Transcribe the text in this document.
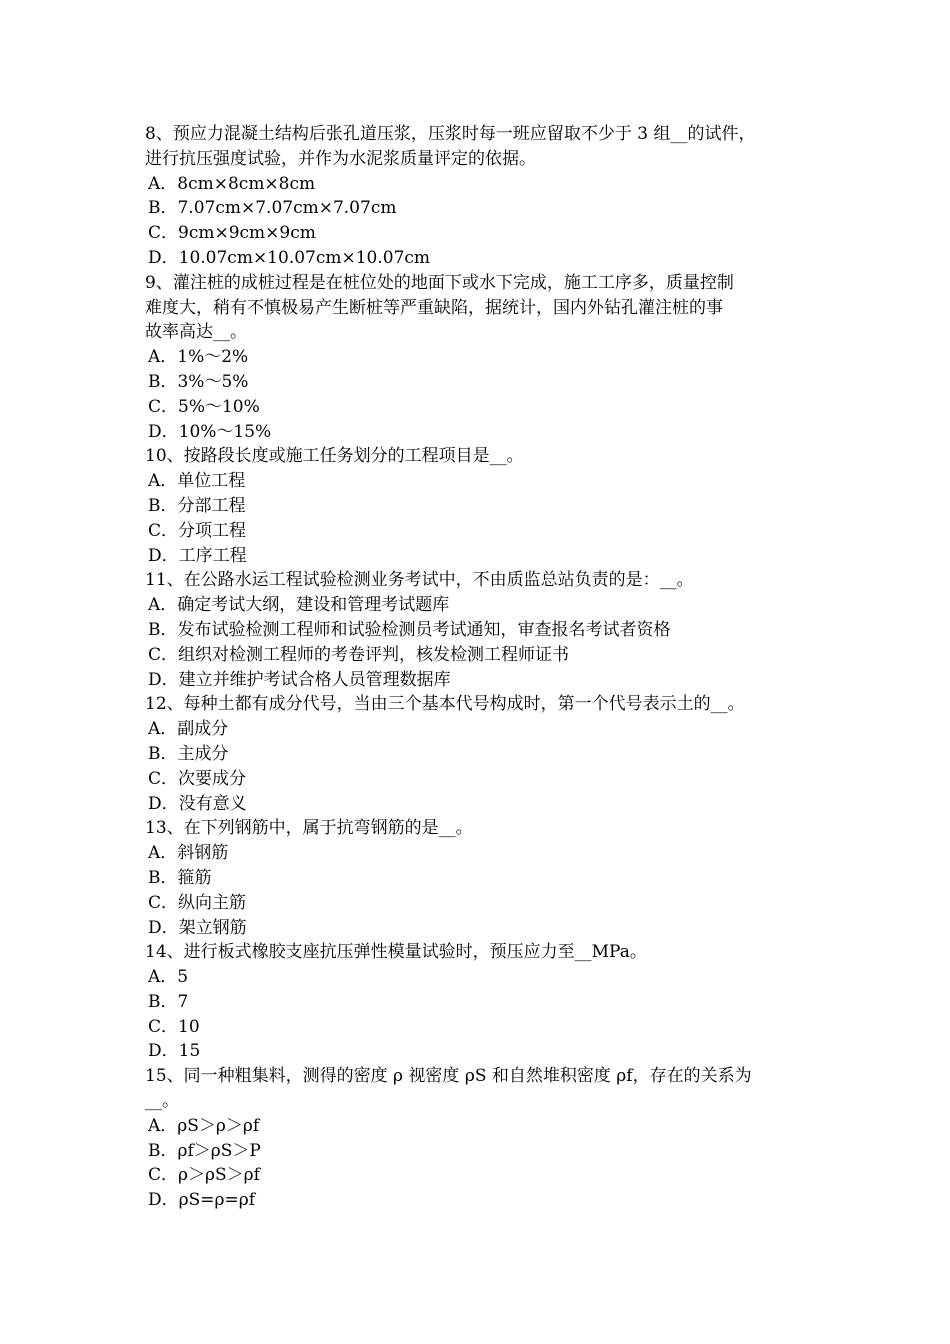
8、预应力混凝土结构后张孔道压浆，压浆时每一班应留取不少于 3 组__的试件，
进行抗压强度试验，并作为水泥浆质量评定的依据。
A．8cm×8cm×8cm
B．7.07cm×7.07cm×7.07cm
C．9cm×9cm×9cm
D．10.07cm×10.07cm×10.07cm
9、灌注桩的成桩过程是在桩位处的地面下或水下完成，施工工序多，质量控制
难度大，稍有不慎极易产生断桩等严重缺陷，据统计，国内外钻孔灌注桩的事
故率高达__。
A．1%～2%
B．3%～5%
C．5%～10%
D．10%～15%
10、按路段长度或施工任务划分的工程项目是__。
A．单位工程
B．分部工程
C．分项工程
D．工序工程
11、在公路水运工程试验检测业务考试中，不由质监总站负责的是：__。
A．确定考试大纲，建设和管理考试题库
B．发布试验检测工程师和试验检测员考试通知，审查报名考试者资格
C．组织对检测工程师的考卷评判，核发检测工程师证书
D．建立并维护考试合格人员管理数据库
12、每种土都有成分代号，当由三个基本代号构成时，第一个代号表示土的__。
A．副成分
B．主成分
C．次要成分
D．没有意义
13、在下列钢筋中，属于抗弯钢筋的是__。
A．斜钢筋
B．箍筋
C．纵向主筋
D．架立钢筋
14、进行板式橡胶支座抗压弹性模量试验时，预压应力至__MPa。
A．5
B．7
C．10
D．15
15、同一种粗集料，测得的密度 ρ 视密度 ρS 和自然堆积密度 ρf，存在的关系为
__。
A．ρS＞ρ＞ρf
B．ρf＞ρS＞P
C．ρ＞ρS＞ρf
D．ρS=ρ=ρf
